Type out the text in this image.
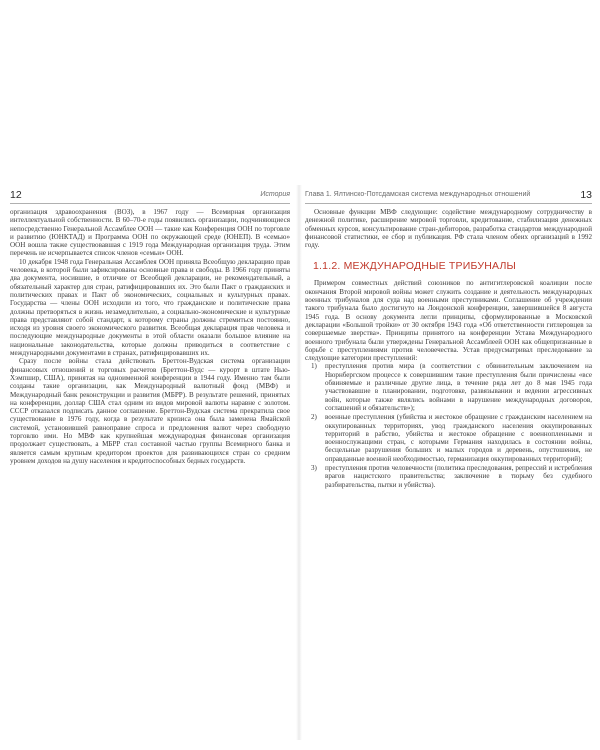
12	История

организация здравоохранения (ВОЗ), в 1967 году — Всемирная организация интеллектуальной собственности. В 60–70-е годы появились организации, подчиняющиеся непосредственно Генеральной Ассамблее ООН — такие как Конференция ООН по торговле и развитию (ЮНКТАД) и Программа ООН по окружающей среде (ЮНЕП). В «семью» ООН вошла также существовавшая с 1919 года Международная организация труда. Этим перечень не исчерпывается список членов «семьи» ООН.

10 декабря 1948 года Генеральная Ассамблея ООН приняла Всеобщую декларацию прав человека, в которой были зафиксированы основные права и свободы. В 1966 году приняты два документа, носившие, в отличие от Всеобщей декларации, не рекомендательный, а обязательный характер для стран, ратифицировавших их. Это были Пакт о гражданских и политических правах и Пакт об экономических, социальных и культурных правах. Государства — члены ООН исходили из того, что гражданские и политические права должны претворяться в жизнь незамедлительно, а социально-экономические и культурные права представляют собой стандарт, к которому страны должны стремиться постоянно, исходя из уровня своего экономического развития. Всеобщая декларация прав человека и последующие международные документы в этой области оказали большое влияние на национальные законодательства, которые должны приводиться в соответствие с международными документами в странах, ратифицировавших их.

Сразу после войны стала действовать Бреттон-Вудская система организации финансовых отношений и торговых расчетов (Бреттон-Вудс — курорт в штате Нью-Хэмпшир, США), принятая на одноименной конференции в 1944 году. Именно там были созданы такие организации, как Международный валютный фонд (МВФ) и Международный банк реконструкции и развития (МБРР). В результате решений, принятых на конференции, доллар США стал одним из видов мировой валюты наравне с золотом. СССР отказался подписать данное соглашение. Бреттон-Вудская система прекратила свое существование в 1976 году, когда в результате кризиса она была заменена Ямайской системой, установившей равноправие спроса и предложения валют через свободную торговлю ими. Но МВФ как крупнейшая международная финансовая организация продолжает существовать, а МБРР стал составной частью группы Всемирного банка и является самым крупным кредитором проектов для развивающихся стран со средним уровнем доходов на душу населения и кредитоспособных бедных государств.

Глава 1. Ялтинско-Потсдамская система международных отношений	13

Основные функции МВФ следующие: содействие международному сотрудничеству в денежной политике, расширение мировой торговли, кредитование, стабилизация денежных обменных курсов, консультирование стран-дебиторов, разработка стандартов международной финансовой статистики, ее сбор и публикация. РФ стала членом обеих организаций в 1992 году.

1.1.2. МЕЖДУНАРОДНЫЕ ТРИБУНАЛЫ

Примером совместных действий союзников по антигитлеровской коалиции после окончания Второй мировой войны может служить создание и деятельность международных военных трибуналов для суда над военными преступниками. Соглашение об учреждении такого трибунала было достигнуто на Лондонской конференции, завершившейся 8 августа 1945 года. В основу документа легли принципы, сформулированные в Московской декларации «Большой тройки» от 30 октября 1943 года «Об ответственности гитлеровцев за совершаемые зверства». Принципы принятого на конференции Устава Международного военного трибунала были утверждены Генеральной Ассамблеей ООН как общепризнанные в борьбе с преступлениями против человечества. Устав предусматривал преследование за следующие категории преступлений:

1)	преступления против мира (в соответствии с обвинительным заключением на Нюрнбергском процессе к совершившим такие преступления были причислены «все обвиняемые и различные другие лица, в течение ряда лет до 8 мая 1945 года участвовавшие в планировании, подготовке, развязывании и ведении агрессивных войн, которые также являлись войнами в нарушение международных договоров, соглашений и обязательств»);
2)	военные преступления (убийства и жестокое обращение с гражданским населением на оккупированных территориях, увод гражданского населения оккупированных территорий в рабство, убийства и жестокое обращение с военнопленными и военнослужащими стран, с которыми Германия находилась в состоянии войны, бесцельные разрушения больших и малых городов и деревень, опустошения, не оправданные военной необходимостью, германизация оккупированных территорий);
3)	преступления против человечности (политика преследования, репрессий и истребления врагов нацистского правительства; заключение в тюрьму без судебного разбирательства, пытки и убийства).
